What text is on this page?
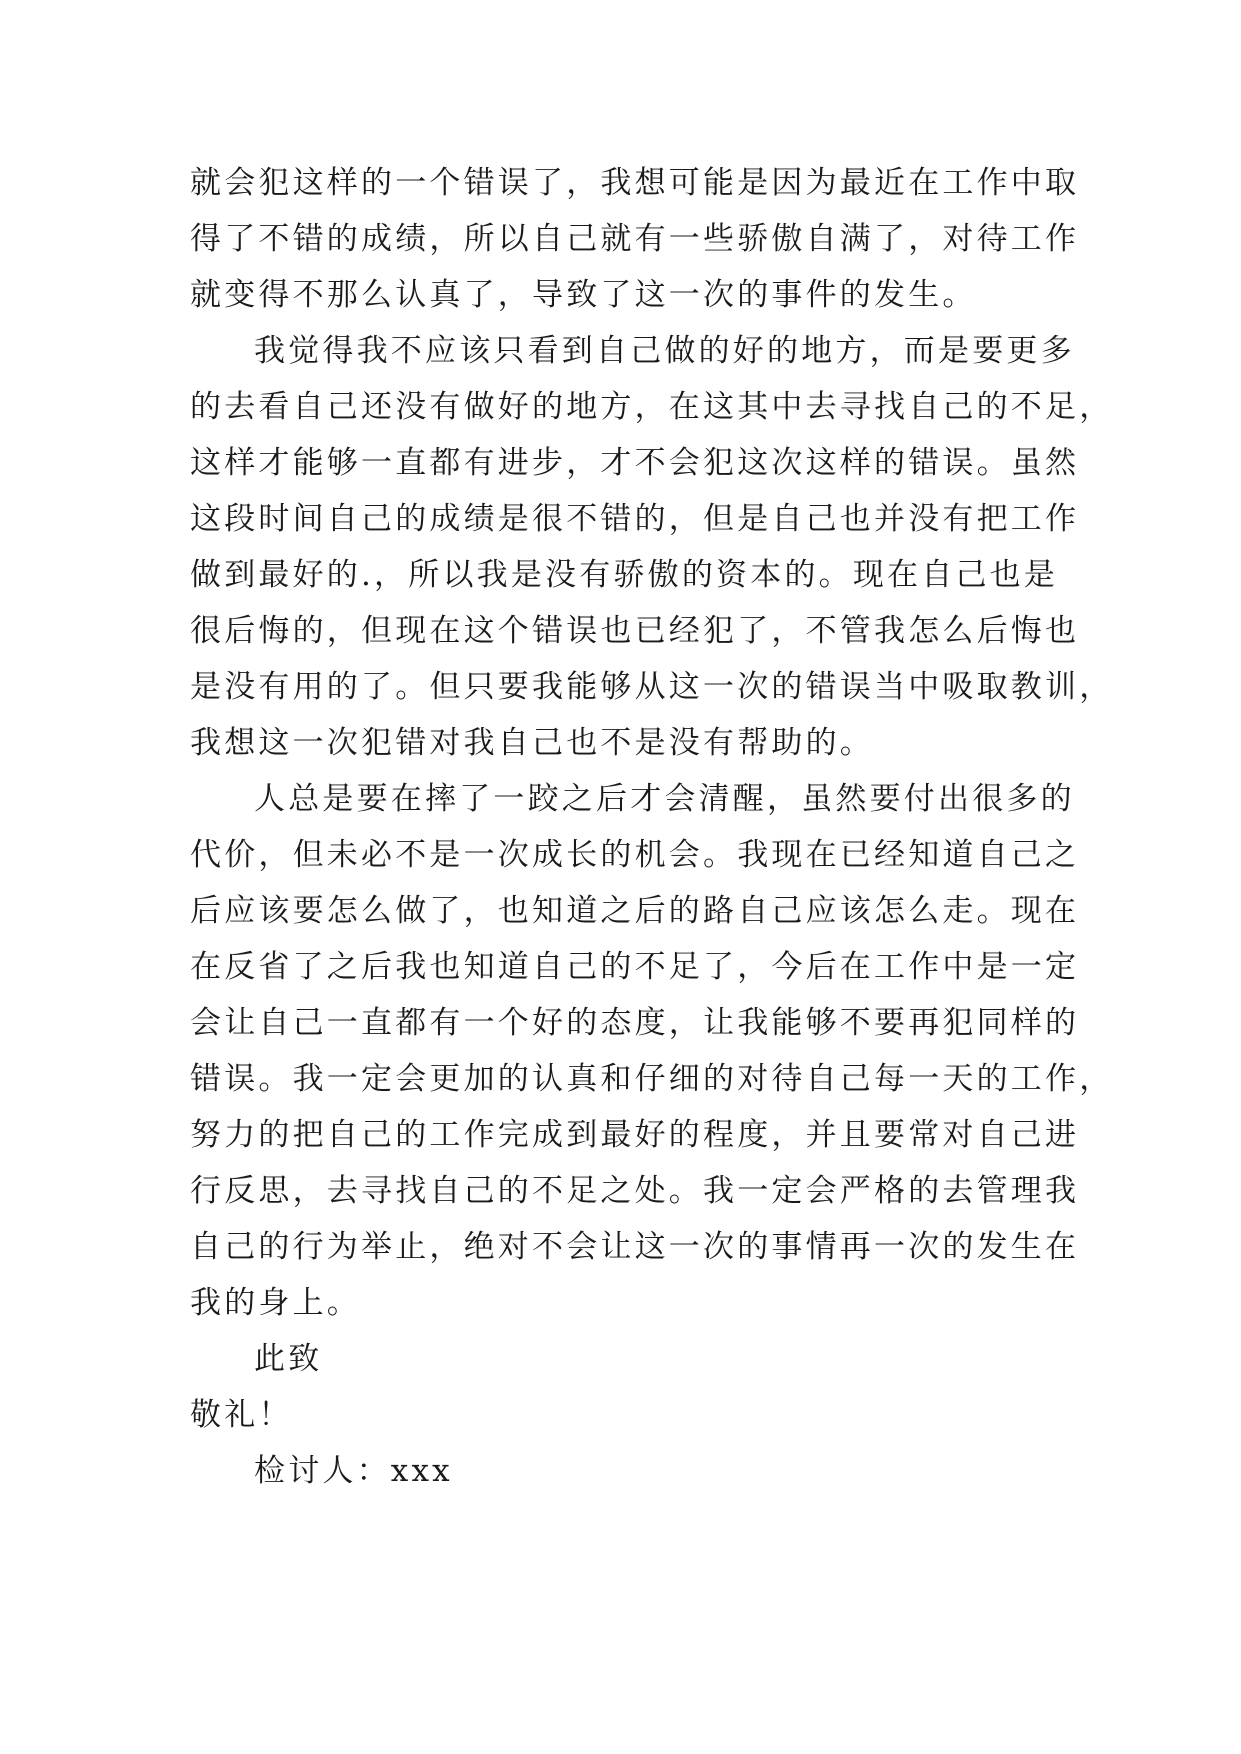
就会犯这样的一个错误了，我想可能是因为最近在工作中取
得了不错的成绩，所以自己就有一些骄傲自满了，对待工作
就变得不那么认真了，导致了这一次的事件的发生。
我觉得我不应该只看到自己做的好的地方，而是要更多
的去看自己还没有做好的地方，在这其中去寻找自己的不足，
这样才能够一直都有进步，才不会犯这次这样的错误。虽然
这段时间自己的成绩是很不错的，但是自己也并没有把工作
做到最好的.，所以我是没有骄傲的资本的。现在自己也是
很后悔的，但现在这个错误也已经犯了，不管我怎么后悔也
是没有用的了。但只要我能够从这一次的错误当中吸取教训，
我想这一次犯错对我自己也不是没有帮助的。
人总是要在摔了一跤之后才会清醒，虽然要付出很多的
代价，但未必不是一次成长的机会。我现在已经知道自己之
后应该要怎么做了，也知道之后的路自己应该怎么走。现在
在反省了之后我也知道自己的不足了，今后在工作中是一定
会让自己一直都有一个好的态度，让我能够不要再犯同样的
错误。我一定会更加的认真和仔细的对待自己每一天的工作，
努力的把自己的工作完成到最好的程度，并且要常对自己进
行反思，去寻找自己的不足之处。我一定会严格的去管理我
自己的行为举止，绝对不会让这一次的事情再一次的发生在
我的身上。
此致
敬礼！
检讨人：xxx
